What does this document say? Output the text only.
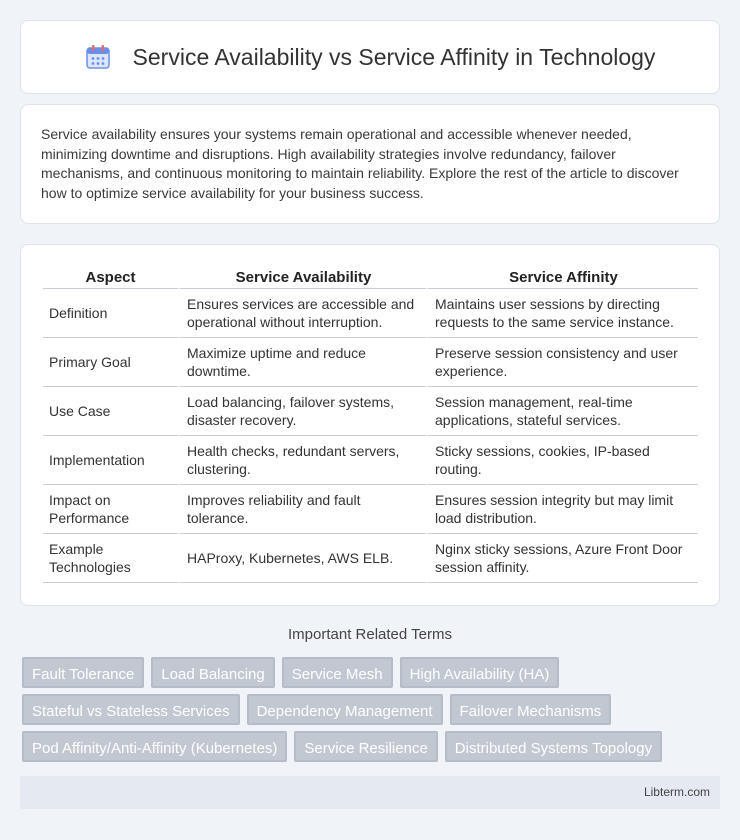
Service Availability vs Service Affinity in Technology

Service availability ensures your systems remain operational and accessible whenever needed, minimizing downtime and disruptions. High availability strategies involve redundancy, failover mechanisms, and continuous monitoring to maintain reliability. Explore the rest of the article to discover how to optimize service availability for your business success.

Aspect	Service Availability	Service Affinity
Definition	Ensures services are accessible and operational without interruption.	Maintains user sessions by directing requests to the same service instance.
Primary Goal	Maximize uptime and reduce downtime.	Preserve session consistency and user experience.
Use Case	Load balancing, failover systems, disaster recovery.	Session management, real-time applications, stateful services.
Implementation	Health checks, redundant servers, clustering.	Sticky sessions, cookies, IP-based routing.
Impact on Performance	Improves reliability and fault tolerance.	Ensures session integrity but may limit load distribution.
Example Technologies	HAProxy, Kubernetes, AWS ELB.	Nginx sticky sessions, Azure Front Door session affinity.
Important Related Terms
Fault Tolerance	Load Balancing	Service Mesh	High Availability (HA)
Stateful vs Stateless Services	Dependency Management	Failover Mechanisms
Pod Affinity/Anti-Affinity (Kubernetes)	Service Resilience	Distributed Systems Topology
Libterm.com
